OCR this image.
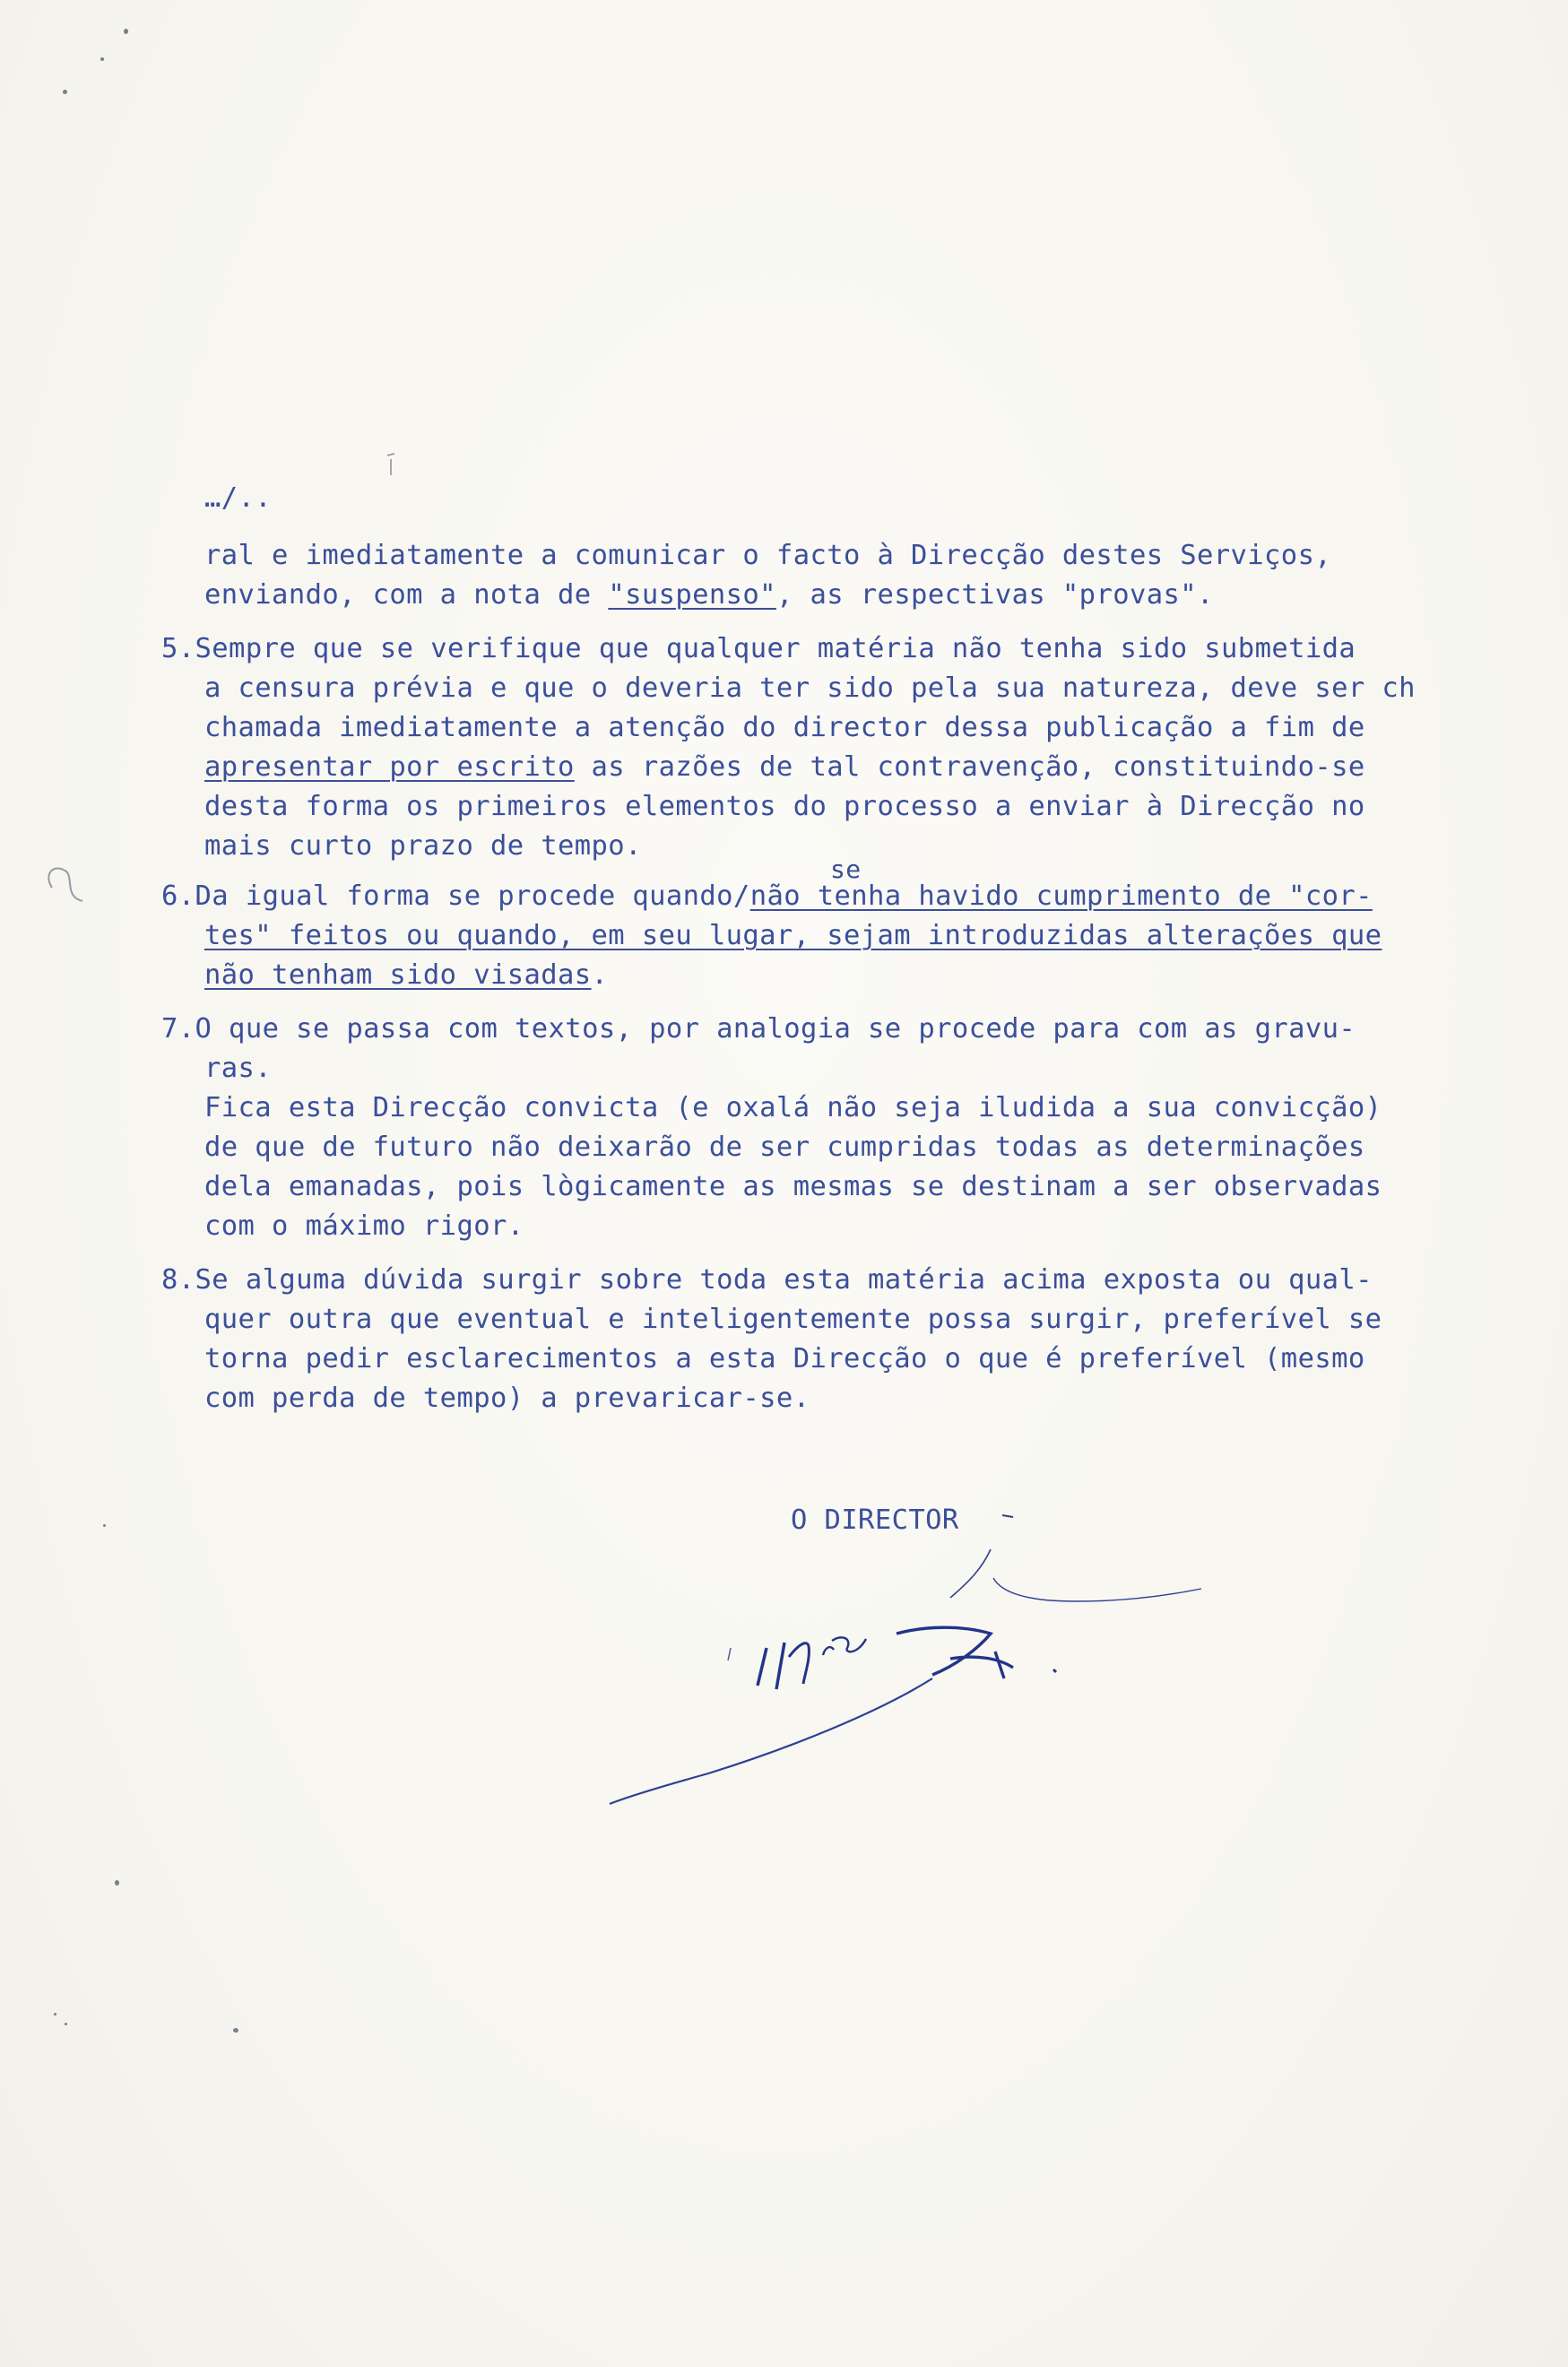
…/..
ral e imediatamente a comunicar o facto à Direcção destes Serviços,
enviando, com a nota de "suspenso", as respectivas "provas".
5.Sempre que se verifique que qualquer matéria não tenha sido submetida
a censura prévia e que o deveria ter sido pela sua natureza, deve ser ch
chamada imediatamente a atenção do director dessa publicação a fim de
apresentar por escrito as razões de tal contravenção, constituindo-se
desta forma os primeiros elementos do processo a enviar à Direcção no
mais curto prazo de tempo.
se
6.Da igual forma se procede quando/não tenha havido cumprimento de "cor-
tes" feitos ou quando, em seu lugar, sejam introduzidas alterações que
não tenham sido visadas.
7.O que se passa com textos, por analogia se procede para com as gravu-
ras.
Fica esta Direcção convicta (e oxalá não seja iludida a sua convicção)
de que de futuro não deixarão de ser cumpridas todas as determinações
dela emanadas, pois lògicamente as mesmas se destinam a ser observadas
com o máximo rigor.
8.Se alguma dúvida surgir sobre toda esta matéria acima exposta ou qual-
quer outra que eventual e inteligentemente possa surgir, preferível se
torna pedir esclarecimentos a esta Direcção o que é preferível (mesmo
com perda de tempo) a prevaricar-se.
O DIRECTOR
